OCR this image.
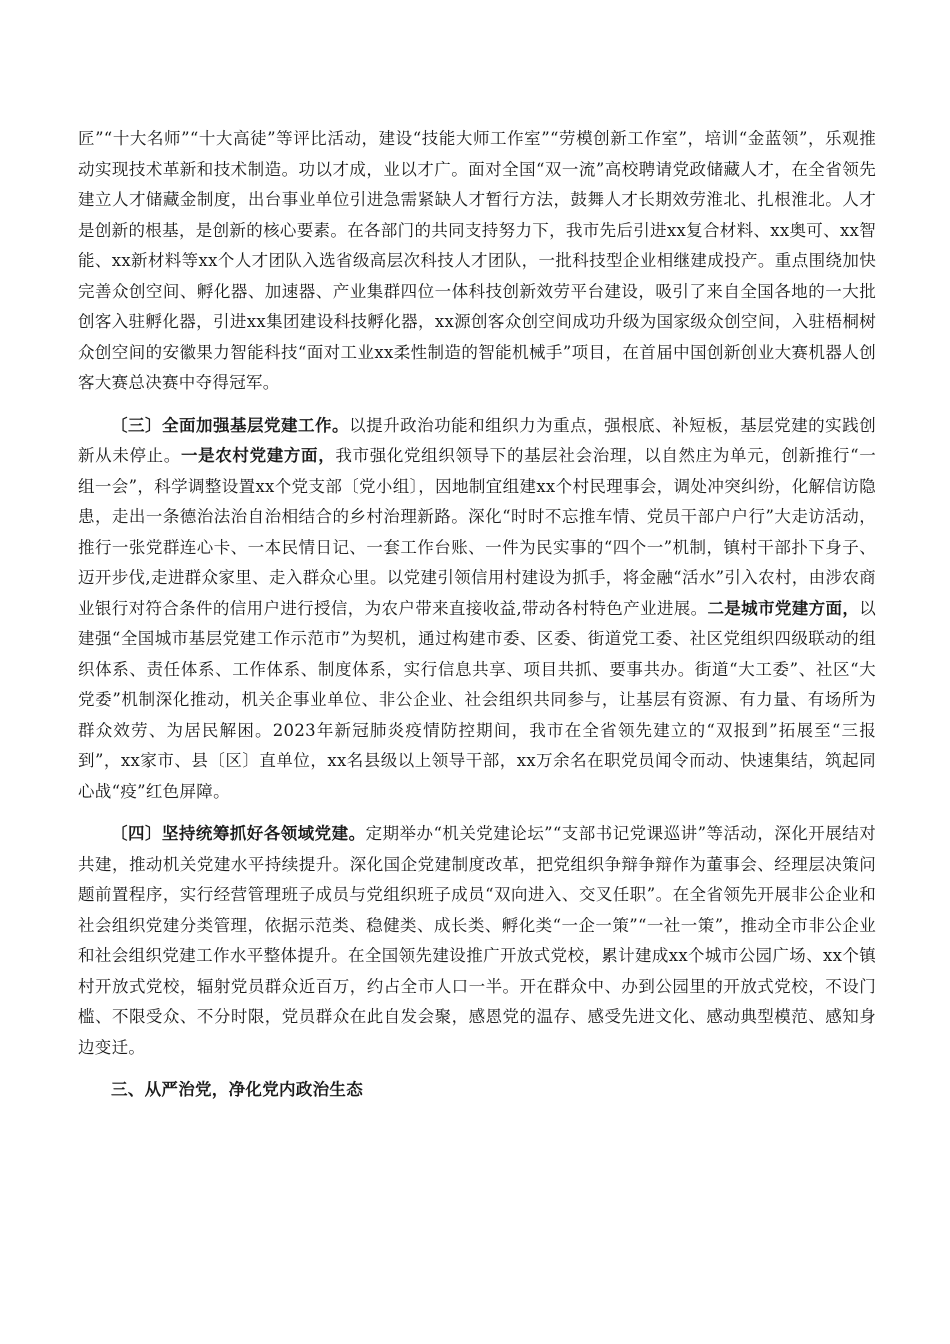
匠”“十大名师”“十大高徒”等评比活动，建设“技能大师工作室”“劳模创新工作室”，培训“金蓝领”，乐观推动实现技术革新和技术制造。功以才成，业以才广。面对全国“双一流”高校聘请党政储藏人才，在全省领先建立人才储藏金制度，出台事业单位引进急需紧缺人才暂行方法，鼓舞人才长期效劳淮北、扎根淮北。人才是创新的根基，是创新的核心要素。在各部门的共同支持努力下，我市先后引进xx复合材料、xx奥可、xx智能、xx新材料等xx个人才团队入选省级高层次科技人才团队，一批科技型企业相继建成投产。重点围绕加快完善众创空间、孵化器、加速器、产业集群四位一体科技创新效劳平台建设，吸引了来自全国各地的一大批创客入驻孵化器，引进xx集团建设科技孵化器，xx源创客众创空间成功升级为国家级众创空间，入驻梧桐树众创空间的安徽果力智能科技“面对工业xx柔性制造的智能机械手”项目，在首届中国创新创业大赛机器人创客大赛总决赛中夺得冠军。

〔三〕全面加强基层党建工作。以提升政治功能和组织力为重点，强根底、补短板，基层党建的实践创新从未停止。一是农村党建方面，我市强化党组织领导下的基层社会治理，以自然庄为单元，创新推行“一组一会”，科学调整设置xx个党支部〔党小组〕，因地制宜组建xx个村民理事会，调处冲突纠纷，化解信访隐患，走出一条德治法治自治相结合的乡村治理新路。深化“时时不忘推车情、党员干部户户行”大走访活动，推行一张党群连心卡、一本民情日记、一套工作台账、一件为民实事的“四个一”机制，镇村干部扑下身子、迈开步伐,走进群众家里、走入群众心里。以党建引领信用村建设为抓手，将金融“活水”引入农村，由涉农商业银行对符合条件的信用户进行授信，为农户带来直接收益,带动各村特色产业进展。二是城市党建方面，以建强“全国城市基层党建工作示范市”为契机，通过构建市委、区委、街道党工委、社区党组织四级联动的组织体系、责任体系、工作体系、制度体系，实行信息共享、项目共抓、要事共办。街道“大工委”、社区“大党委”机制深化推动，机关企事业单位、非公企业、社会组织共同参与，让基层有资源、有力量、有场所为群众效劳、为居民解困。2023年新冠肺炎疫情防控期间，我市在全省领先建立的“双报到”拓展至“三报到”，xx家市、县〔区〕直单位，xx名县级以上领导干部，xx万余名在职党员闻令而动、快速集结，筑起同心战“疫”红色屏障。

〔四〕坚持统筹抓好各领域党建。定期举办“机关党建论坛”“支部书记党课巡讲”等活动，深化开展结对共建，推动机关党建水平持续提升。深化国企党建制度改革，把党组织争辩争辩作为董事会、经理层决策问题前置程序，实行经营管理班子成员与党组织班子成员“双向进入、交叉任职”。在全省领先开展非公企业和社会组织党建分类管理，依据示范类、稳健类、成长类、孵化类“一企一策”“一社一策”，推动全市非公企业和社会组织党建工作水平整体提升。在全国领先建设推广开放式党校，累计建成xx个城市公园广场、xx个镇村开放式党校，辐射党员群众近百万，约占全市人口一半。开在群众中、办到公园里的开放式党校，不设门槛、不限受众、不分时限，党员群众在此自发会聚，感恩党的温存、感受先进文化、感动典型模范、感知身边变迁。

三、从严治党，净化党内政治生态
